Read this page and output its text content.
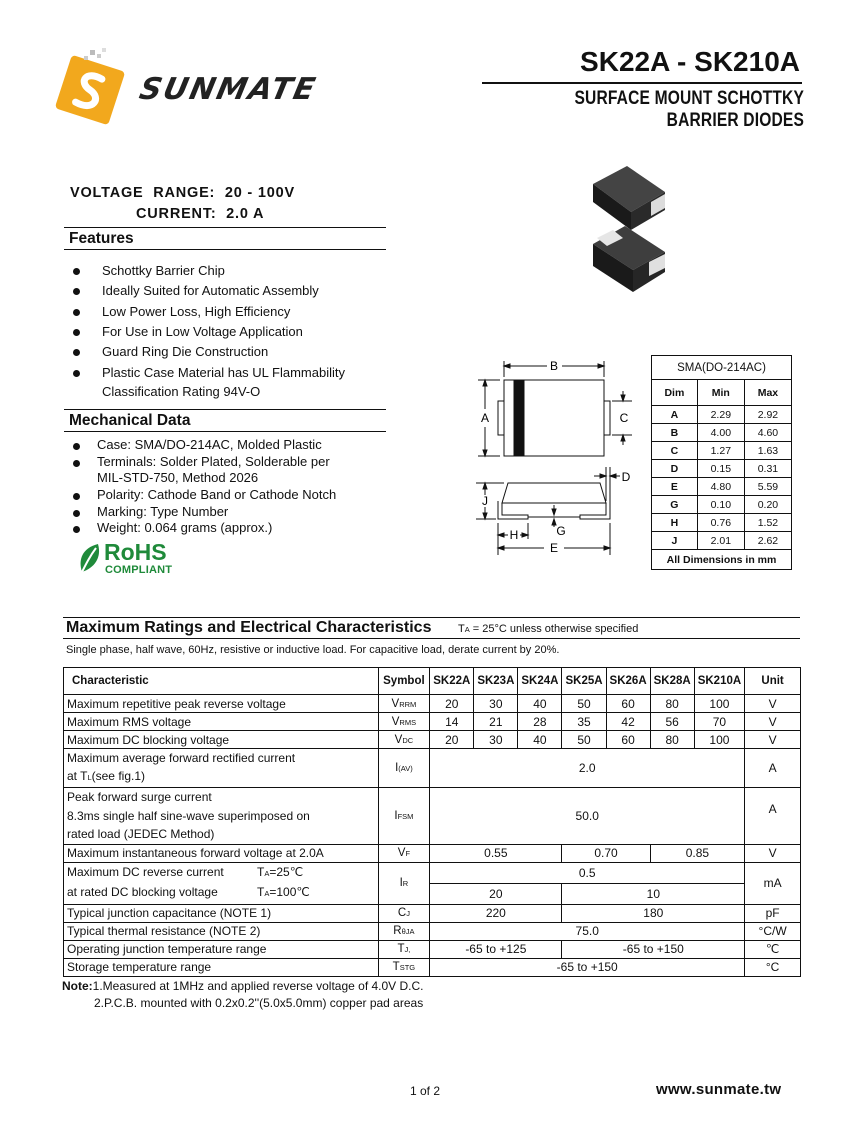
SUNMATE
SK22A - SK210A
SURFACE MOUNT SCHOTTKY BARRIER DIODES
VOLTAGE  RANGE:  20 - 100V
CURRENT:  2.0 A
Features
Schottky Barrier Chip
Ideally Suited for Automatic Assembly
Low Power Loss, High Efficiency
For Use in Low Voltage Application
Guard Ring Die Construction
Plastic Case Material has UL Flammability Classification Rating 94V-O
Mechanical Data
Case: SMA/DO-214AC, Molded Plastic
Terminals: Solder Plated, Solderable per MIL-STD-750, Method 2026
Polarity: Cathode Band or Cathode Notch
Marking: Type Number
Weight: 0.064 grams (approx.)
RoHS
COMPLIANT
B
A	C
D
J
H	G
E
SMA(DO-214AC)		
Dim	Min	Max
A	2.29	2.92
B	4.00	4.60
C	1.27	1.63
D	0.15	0.31
E	4.80	5.59
G	0.10	0.20
H	0.76	1.52
J	2.01	2.62
All Dimensions in mm		
Maximum Ratings and Electrical Characteristics TA = 25°C unless otherwise specified
Single phase, half wave, 60Hz, resistive or inductive load. For capacitive load, derate current by 20%.
Characteristic	Symbol	SK22A	SK23A	SK24A	SK25A	SK26A	SK28A	SK210A	Unit
Maximum repetitive peak reverse voltage	VRRM	20	30	40	50	60	80	100	V
Maximum RMS voltage	VRMS	14	21	28	35	42	56	70	V
Maximum DC blocking voltage	VDC	20	30	40	50	60	80	100	V

Maximum average forward rectified current
at TL(see fig.1)	I(AV)	2.0							A

Peak forward surge current
8.3ms single half sine-wave superimposed on
rated load (JEDEC Method)	IFSM	50.0							A
Maximum instantaneous forward voltage at 2.0A	VF	0.55			0.70		0.85		V

Maximum DC reverse current TA=25℃
at rated DC blocking voltage TA=100℃	IR	0.5							mA
		20			10				
Typical junction capacitance (NOTE 1)	CJ	220			180				pF
Typical thermal resistance (NOTE 2)	RθJA	75.0							°C/W
Operating junction temperature range	TJ,	-65 to +125			-65 to +150				℃
Storage temperature range	TSTG	-65 to +150							°C
Note:1.Measured at 1MHz and applied reverse voltage of 4.0V D.C.
2.P.C.B. mounted with 0.2x0.2''(5.0x5.0mm) copper pad areas
1 of 2	www.sunmate.tw
